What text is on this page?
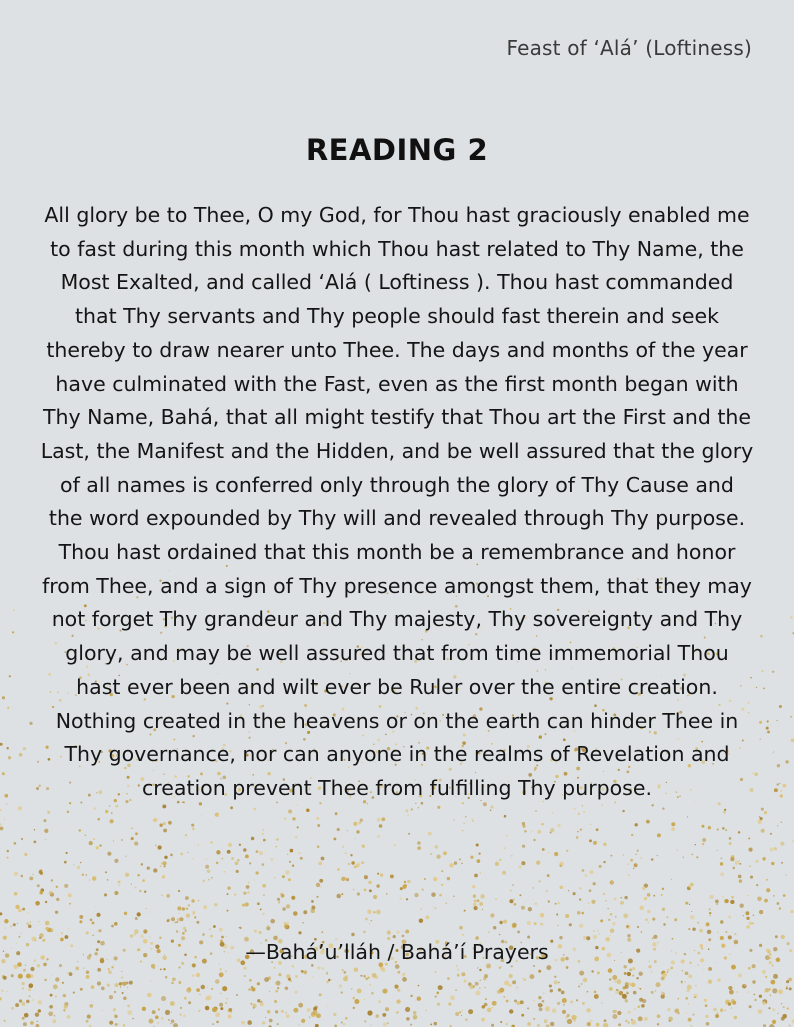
Feast of ‘Alá’ (Loftiness)
READING 2
All glory be to Thee, O my God, for Thou hast graciously enabled me to fast during this month which Thou hast related to Thy Name, the Most Exalted, and called ‘Alá ( Loftiness ). Thou hast commanded that Thy servants and Thy people should fast therein and seek thereby to draw nearer unto Thee. The days and months of the year have culminated with the Fast, even as the first month began with Thy Name, Bahá, that all might testify that Thou art the First and the Last, the Manifest and the Hidden, and be well assured that the glory of all names is conferred only through the glory of Thy Cause and the word expounded by Thy will and revealed through Thy purpose. Thou hast ordained that this month be a remembrance and honor from Thee, and a sign of Thy presence amongst them, that they may not forget Thy grandeur and Thy majesty, Thy sovereignty and Thy glory, and may be well assured that from time immemorial Thou hast ever been and wilt ever be Ruler over the entire creation. Nothing created in the heavens or on the earth can hinder Thee in Thy governance, nor can anyone in the realms of Revelation and creation prevent Thee from fulfilling Thy purpose.
—Bahá’u’lláh / Bahá’í Prayers
